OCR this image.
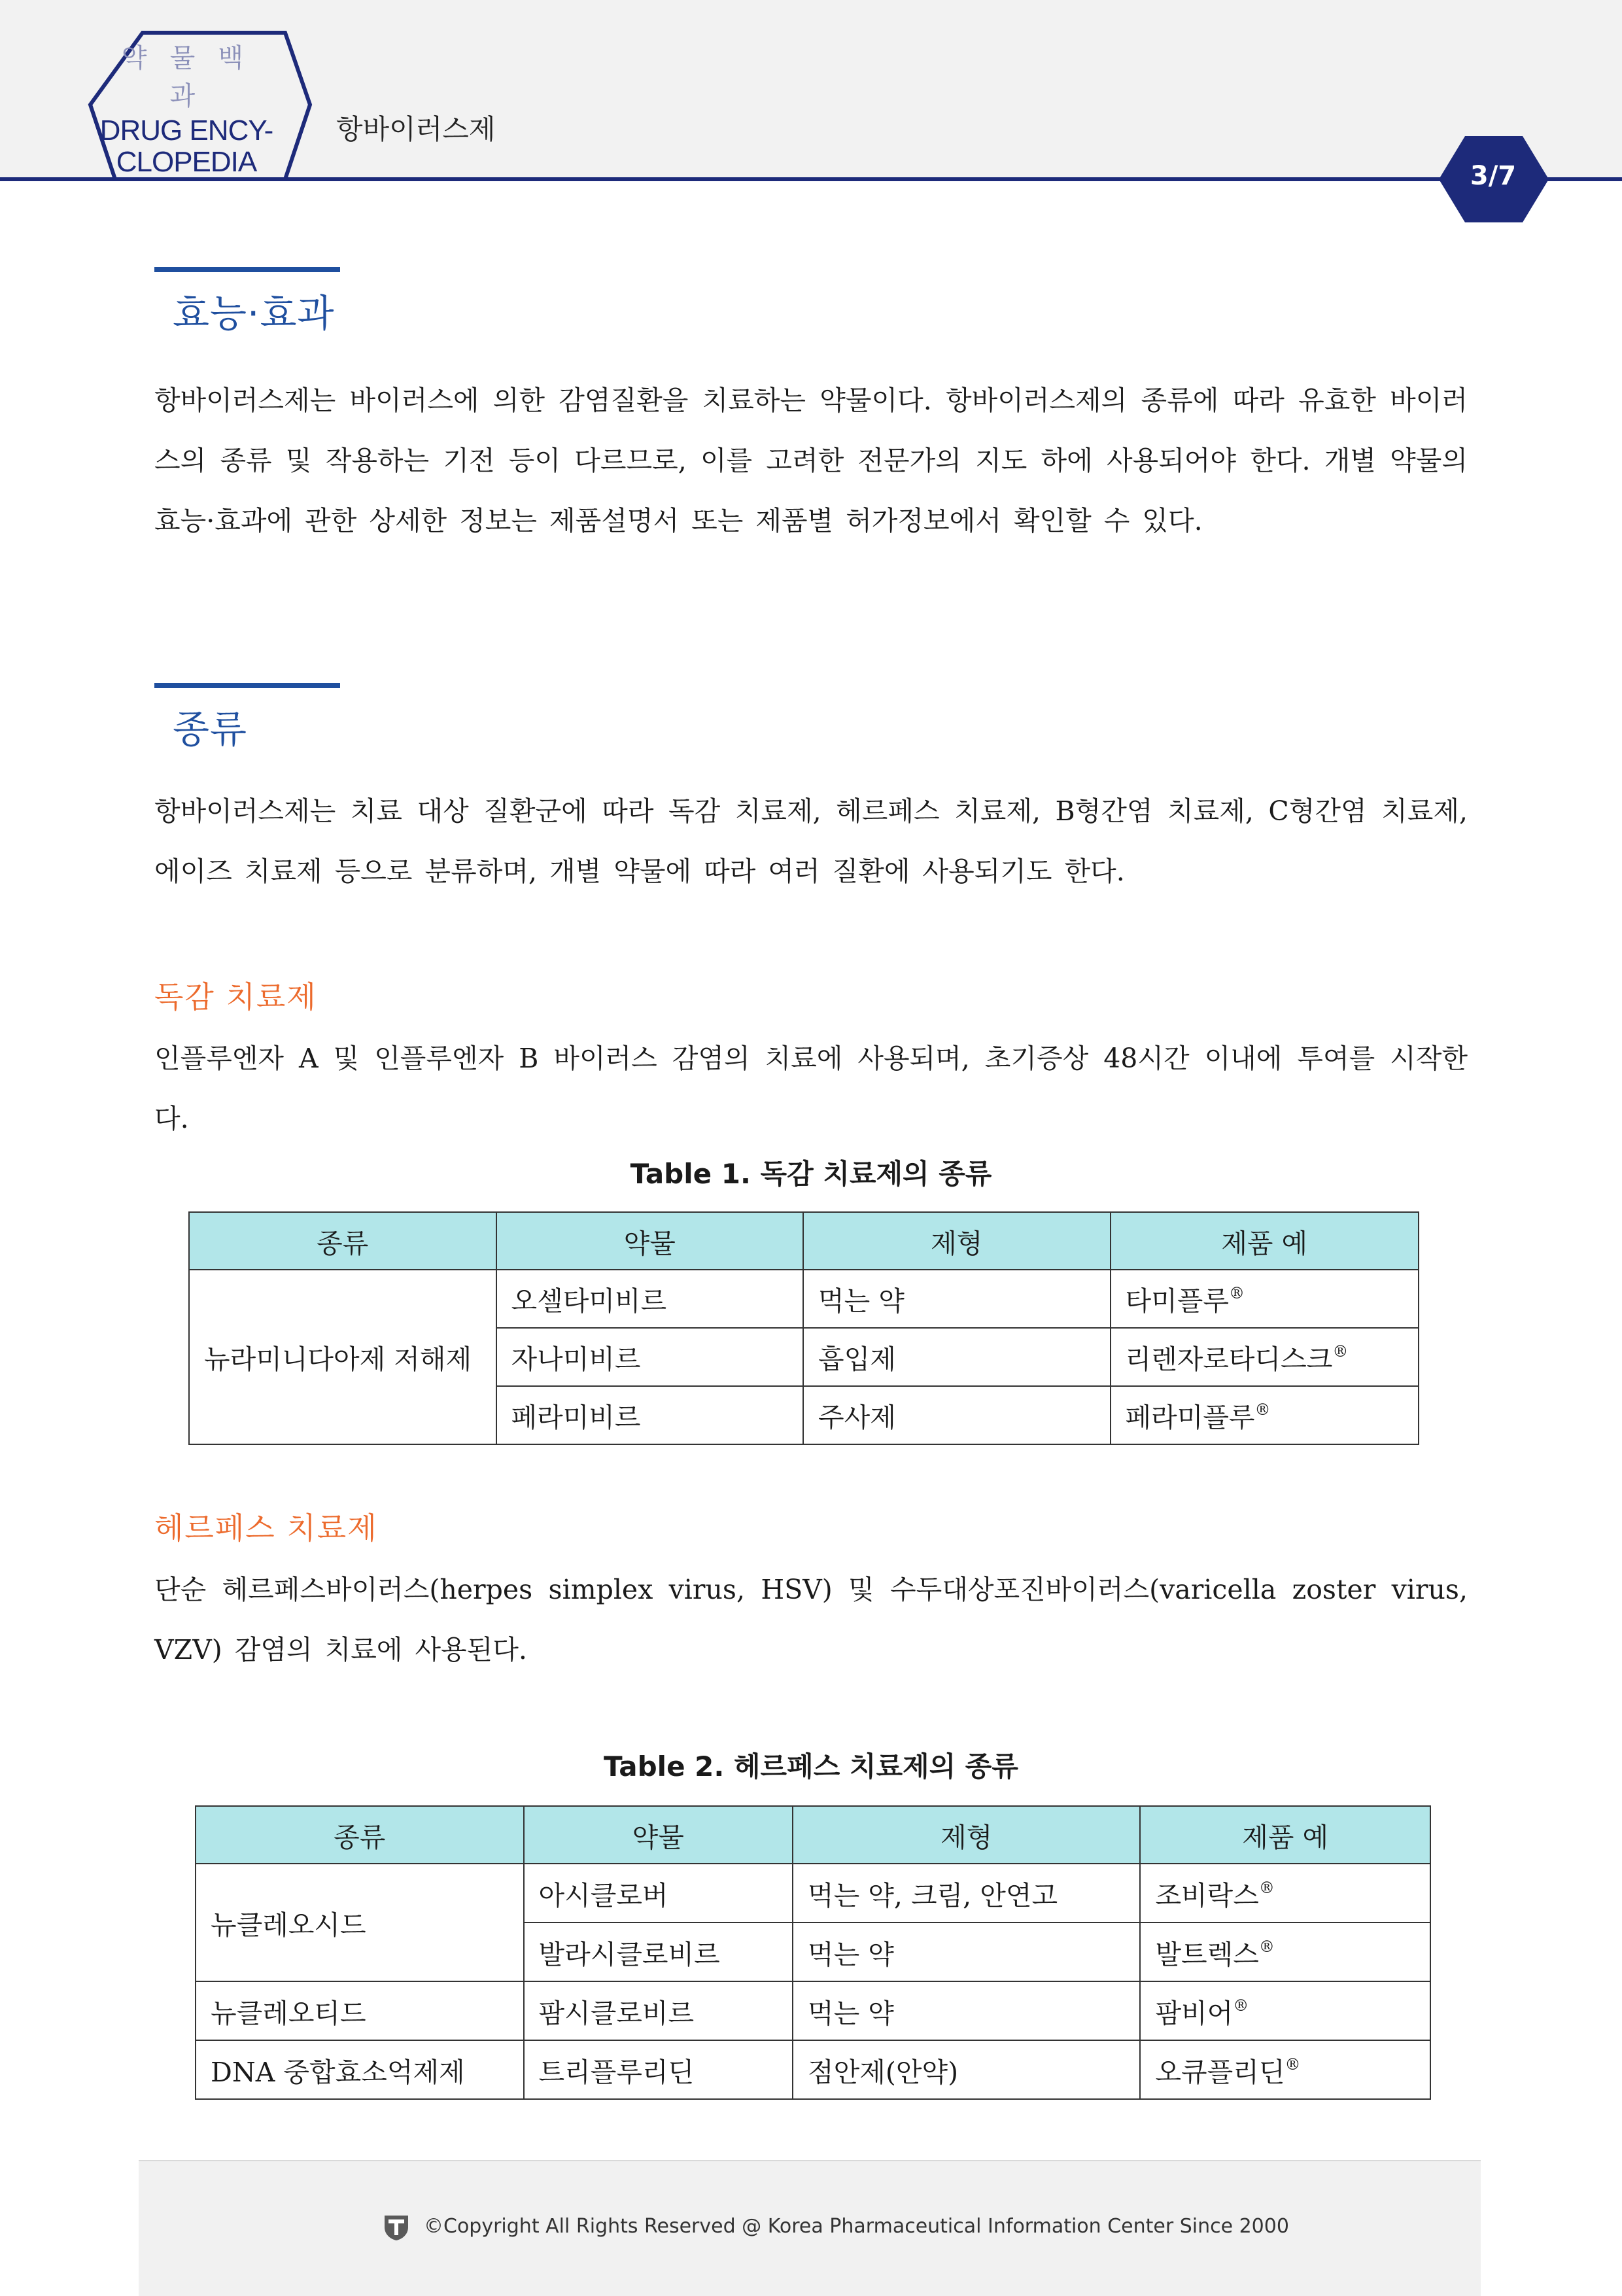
약 물 백 과
DRUG ENCY-
CLOPEDIA
항바이러스제
3/7
효능·효과

항바이러스제는 바이러스에 의한 감염질환을 치료하는 약물이다. 항바이러스제의 종류에 따라 유효한 바이러스의 종류 및 작용하는 기전 등이 다르므로, 이를 고려한 전문가의 지도 하에 사용되어야 한다. 개별 약물의 효능·효과에 관한 상세한 정보는 제품설명서 또는 제품별 허가정보에서 확인할 수 있다.

종류

항바이러스제는 치료 대상 질환군에 따라 독감 치료제, 헤르페스 치료제, B형간염 치료제, C형간염 치료제, 에이즈 치료제 등으로 분류하며, 개별 약물에 따라 여러 질환에 사용되기도 한다.

독감 치료제

인플루엔자 A 및 인플루엔자 B 바이러스 감염의 치료에 사용되며, 초기증상 48시간 이내에 투여를 시작한다.

Table 1. 독감 치료제의 종류
종류	약물	제형	제품 예
뉴라미니다아제 저해제	오셀타미비르	먹는 약	타미플루®
	자나미비르	흡입제	리렌자로타디스크®
	페라미비르	주사제	페라미플루®
헤르페스 치료제

단순 헤르페스바이러스(herpes simplex virus, HSV) 및 수두대상포진바이러스(varicella zoster virus, VZV) 감염의 치료에 사용된다.

Table 2. 헤르페스 치료제의 종류
종류	약물	제형	제품 예
뉴클레오시드	아시클로버	먹는 약, 크림, 안연고	조비락스®
	발라시클로비르	먹는 약	발트렉스®
뉴클레오티드	팜시클로비르	먹는 약	팜비어®
DNA 중합효소억제제	트리플루리딘	점안제(안약)	오큐플리딘®
©Copyright All Rights Reserved @ Korea Pharmaceutical Information Center Since 2000
